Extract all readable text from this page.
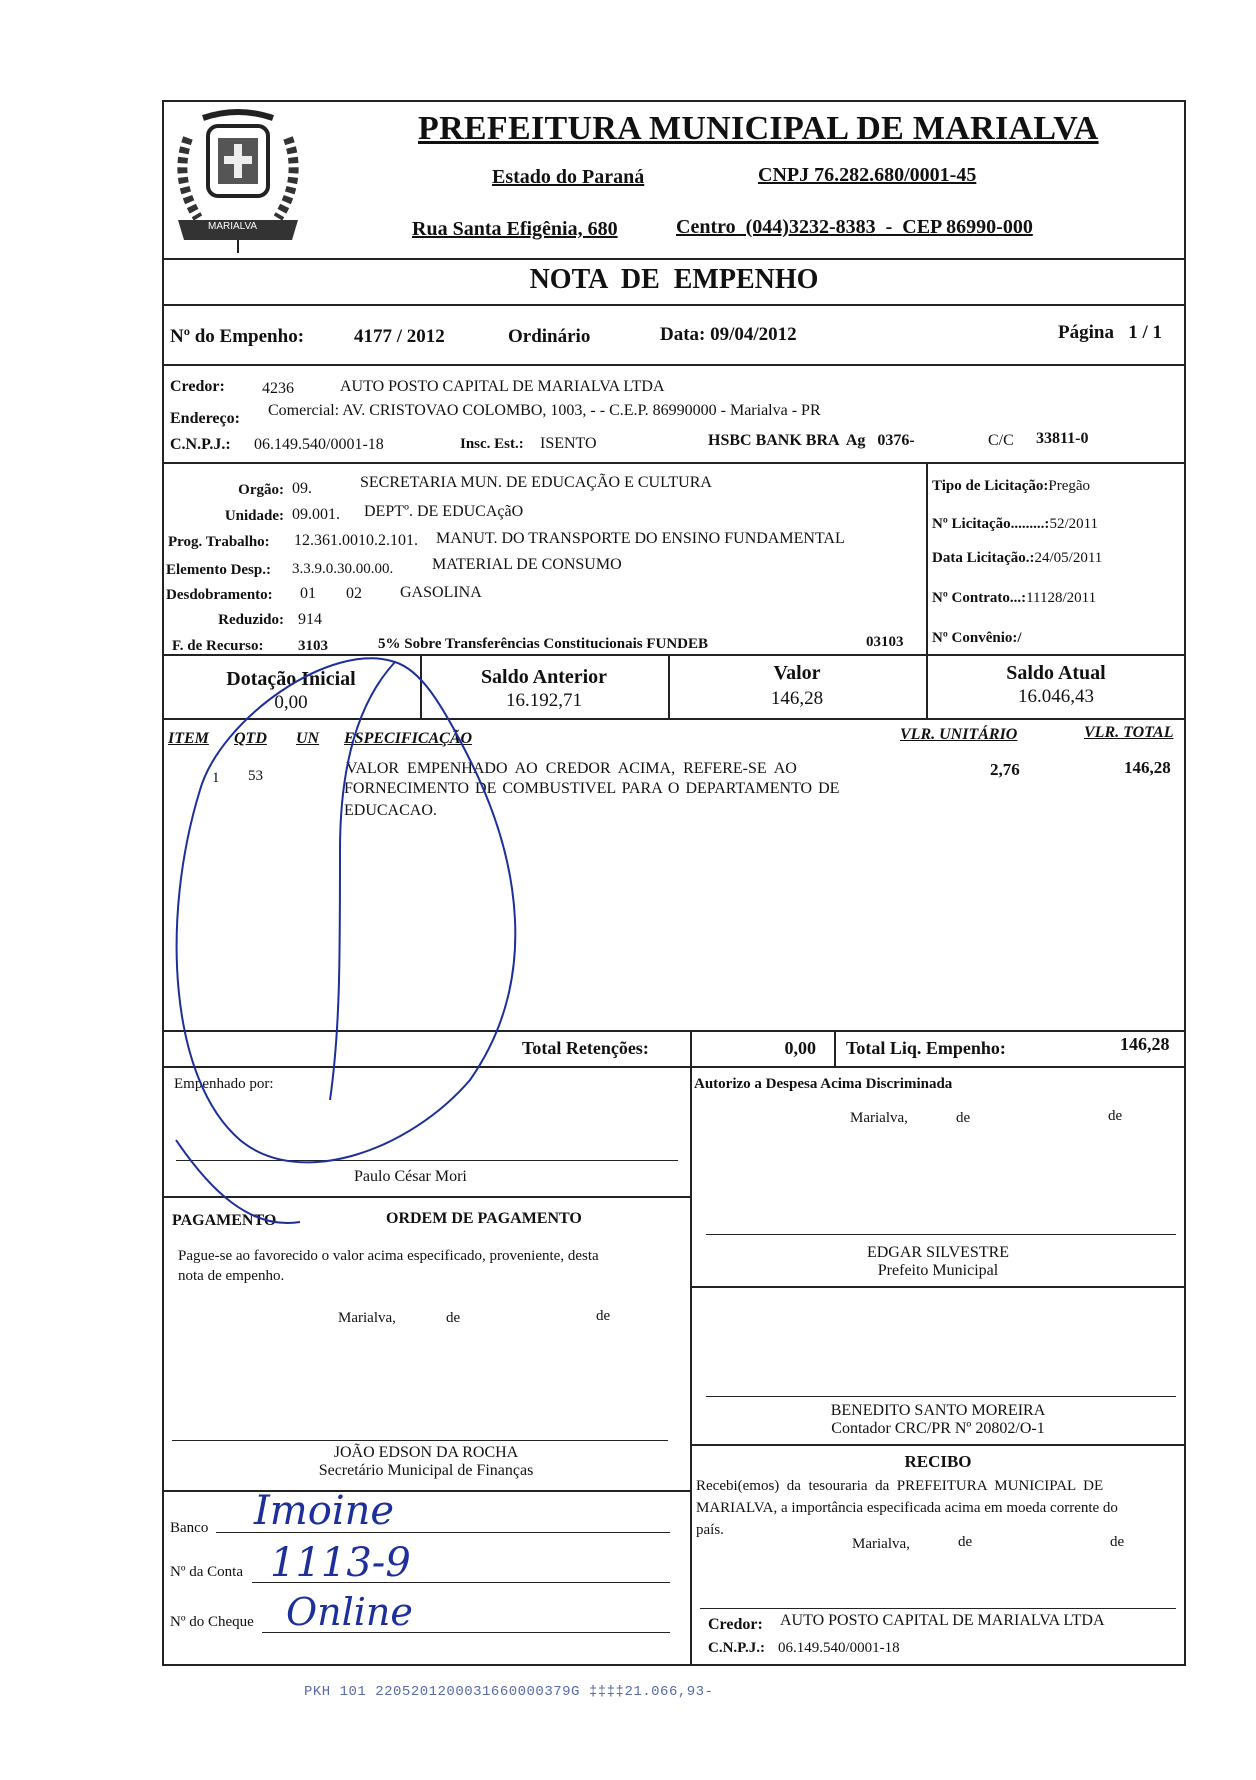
MARIALVA
PREFEITURA MUNICIPAL DE MARIALVA
Estado do Paraná	CNPJ 76.282.680/0001-45
Rua Santa Efigênia, 680	Centro  (044)3232-8383  -  CEP 86990-000
NOTA  DE  EMPENHO
Nº do Empenho:	4177 / 2012	Ordinário	Data: 09/04/2012	Página   1 / 1
Credor: 4236	AUTO POSTO CAPITAL DE MARIALVA LTDA
Endereço: Comercial: AV. CRISTOVAO COLOMBO, 1003, - - C.E.P. 86990000 - Marialva - PR
C.N.P.J.: 06.149.540/0001-18	Insc. Est.: ISENTO	HSBC BANK BRA  Ag   0376-	C/C 33811-0
Orgão: 09.	SECRETARIA MUN. DE EDUCAÇÃO E CULTURA
Unidade: 09.001. DEPTº. DE EDUCAçãO
Prog. Trabalho: 12.361.0010.2.101. MANUT. DO TRANSPORTE DO ENSINO FUNDAMENTAL
Elemento Desp.: 3.3.9.0.30.00.00. MATERIAL DE CONSUMO
Desdobramento: 01 02 GASOLINA
Reduzido: 914
F. de Recurso: 3103	5% Sobre Transferências Constitucionais FUNDEB	03103
Tipo de Licitação:Pregão
Nº Licitação.........:52/2011
Data Licitação.:24/05/2011
Nº Contrato...:11128/2011
Nº Convênio:/
Dotação Inicial
0,00
Saldo Anterior
16.192,71
Valor
146,28
Saldo Atual
16.046,43
ITEM QTD UN ESPECIFICAÇÃO	VLR. UNITÁRIO	VLR. TOTAL
1 53	VALOR  EMPENHADO  AO  CREDOR  ACIMA,  REFERE-SE  AO
FORNECIMENTO DE COMBUSTIVEL PARA O DEPARTAMENTO DE
EDUCACAO.
2,76	146,28
Total Retenções:	0,00 Total Liq. Empenho:	146,28
Empenhado por:
Paulo César Mori
Autorizo a Despesa Acima Discriminada
Marialva,	de	de
EDGAR SILVESTRE
Prefeito Municipal
PAGAMENTO	ORDEM DE PAGAMENTO
Pague-se ao favorecido o valor acima especificado, proveniente, desta
nota de empenho.
Marialva,	de	de
JOÃO EDSON DA ROCHA
Secretário Municipal de Finanças
BENEDITO SANTO MOREIRA
Contador CRC/PR Nº 20802/O-1
RECIBO
Recebi(emos)  da  tesouraria  da  PREFEITURA  MUNICIPAL  DE
MARIALVA, a importância especificada acima em moeda corrente do
país.
Marialva,	de	de
Credor: AUTO POSTO CAPITAL DE MARIALVA LTDA
C.N.P.J.: 06.149.540/0001-18
Banco Imoine
Nº da Conta 1113-9
Nº do Cheque Online
PKH 101 2205201200031660000379G ‡‡‡‡21.066,93-
